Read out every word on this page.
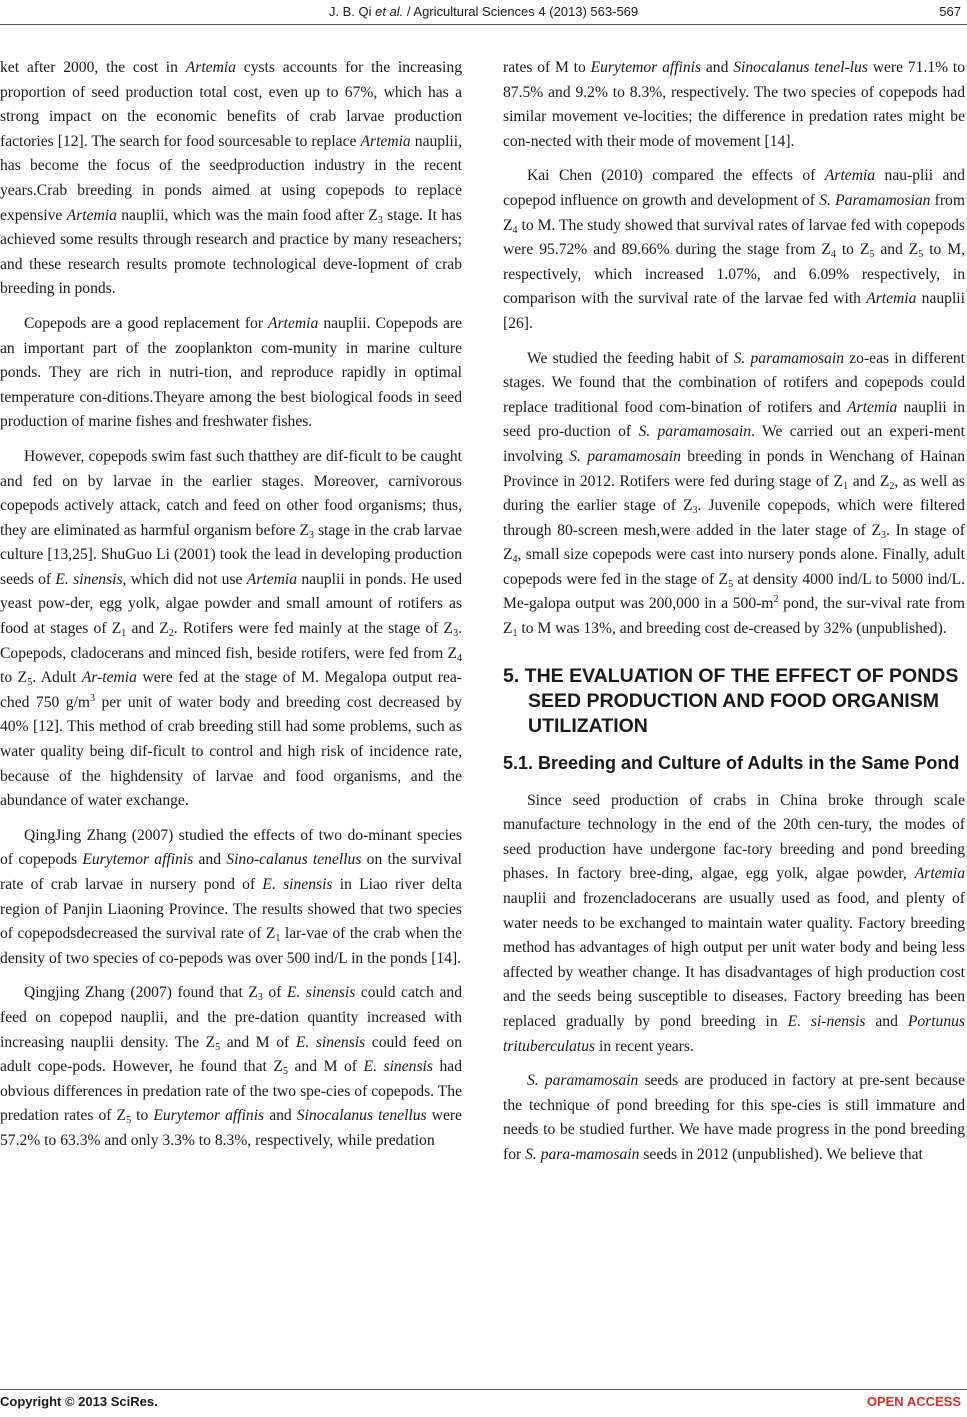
J. B. Qi et al. / Agricultural Sciences 4 (2013) 563-569	567

ket after 2000, the cost in Artemia cysts accounts for the increasing proportion of seed production total cost, even up to 67%, which has a strong impact on the economic benefits of crab larvae production factories [12]. The search for food sourcesable to replace Artemia nauplii, has become the focus of the seedproduction industry in the recent years.Crab breeding in ponds aimed at using copepods to replace expensive Artemia nauplii, which was the main food after $Z_3$ stage. It has achieved some results through research and practice by many reseachers; and these research results promote technological deve-lopment of crab breeding in ponds.

Copepods are a good replacement for Artemia nauplii. Copepods are an important part of the zooplankton com-munity in marine culture ponds. They are rich in nutri-tion, and reproduce rapidly in optimal temperature con-ditions.Theyare among the best biological foods in seed production of marine fishes and freshwater fishes.

However, copepods swim fast such thatthey are dif-ficult to be caught and fed on by larvae in the earlier stages. Moreover, carnivorous copepods actively attack, catch and feed on other food organisms; thus, they are eliminated as harmful organism before $Z_3$ stage in the crab larvae culture [13,25]. ShuGuo Li (2001) took the lead in developing production seeds of E. sinensis, which did not use Artemia nauplii in ponds. He used yeast pow-der, egg yolk, algae powder and small amount of rotifers as food at stages of $Z_1$ and $Z_2$. Rotifers were fed mainly at the stage of $Z_3$. Copepods, cladocerans and minced fish, beside rotifers, were fed from $Z_4$ to $Z_5$. Adult Ar-temia were fed at the stage of M. Megalopa output rea-ched 750 $g/m^3$ per unit of water body and breeding cost decreased by 40% [12]. This method of crab breeding still had some problems, such as water quality being dif-ficult to control and high risk of incidence rate, because of the highdensity of larvae and food organisms, and the abundance of water exchange.

QingJing Zhang (2007) studied the effects of two do-minant species of copepods Eurytemor affinis and Sino-calanus tenellus on the survival rate of crab larvae in nursery pond of E. sinensis in Liao river delta region of Panjin Liaoning Province. The results showed that two species of copepodsdecreased the survival rate of $Z_1$ lar-vae of the crab when the density of two species of co-pepods was over 500 ind/L in the ponds [14].

Qingjing Zhang (2007) found that $Z_3$ of E. sinensis could catch and feed on copepod nauplii, and the pre-dation quantity increased with increasing nauplii density. The $Z_5$ and M of E. sinensis could feed on adult cope-pods. However, he found that $Z_5$ and M of E. sinensis had obvious differences in predation rate of the two spe-cies of copepods. The predation rates of $Z_5$ to Eurytemor affinis and Sinocalanus tenellus were 57.2% to 63.3% and only 3.3% to 8.3%, respectively, while predation

rates of M to Eurytemor affinis and Sinocalanus tenel-lus were 71.1% to 87.5% and 9.2% to 8.3%, respectively. The two species of copepods had similar movement ve-locities; the difference in predation rates might be con-nected with their mode of movement [14].

Kai Chen (2010) compared the effects of Artemia nau-plii and copepod influence on growth and development of S. Paramamosian from $Z_4$ to M. The study showed that survival rates of larvae fed with copepods were 95.72% and 89.66% during the stage from $Z_4$ to $Z_5$ and $Z_5$ to M, respectively, which increased 1.07%, and 6.09% respectively, in comparison with the survival rate of the larvae fed with Artemia nauplii [26].

We studied the feeding habit of S. paramamosain zo-eas in different stages. We found that the combination of rotifers and copepods could replace traditional food com-bination of rotifers and Artemia nauplii in seed pro-duction of S. paramamosain. We carried out an experi-ment involving S. paramamosain breeding in ponds in Wenchang of Hainan Province in 2012. Rotifers were fed during stage of $Z_1$ and $Z_2$, as well as during the earlier stage of $Z_3$. Juvenile copepods, which were filtered through 80-screen mesh,were added in the later stage of $Z_3$. In stage of $Z_4$, small size copepods were cast into nursery ponds alone. Finally, adult copepods were fed in the stage of $Z_5$ at density 4000 ind/L to 5000 ind/L. Me-galopa output was 200,000 in a $500-m^2$ pond, the sur-vival rate from $Z_1$ to M was 13%, and breeding cost de-creased by 32% (unpublished).

5. THE EVALUATION OF THE EFFECT OF PONDS SEED PRODUCTION AND FOOD ORGANISM UTILIZATION
5.1. Breeding and Culture of Adults in the Same Pond

Since seed production of crabs in China broke through scale manufacture technology in the end of the 20th cen-tury, the modes of seed production have undergone fac-tory breeding and pond breeding phases. In factory bree-ding, algae, egg yolk, algae powder, Artemia nauplii and frozencladocerans are usually used as food, and plenty of water needs to be exchanged to maintain water quality. Factory breeding method has advantages of high output per unit water body and being less affected by weather change. It has disadvantages of high production cost and the seeds being susceptible to diseases. Factory breeding has been replaced gradually by pond breeding in E. si-nensis and Portunus trituberculatus in recent years.

S. paramamosain seeds are produced in factory at pre-sent because the technique of pond breeding for this spe-cies is still immature and needs to be studied further. We have made progress in the pond breeding for S. para-mamosain seeds in 2012 (unpublished). We believe that

Copyright © 2013 SciRes.	OPEN ACCESS
